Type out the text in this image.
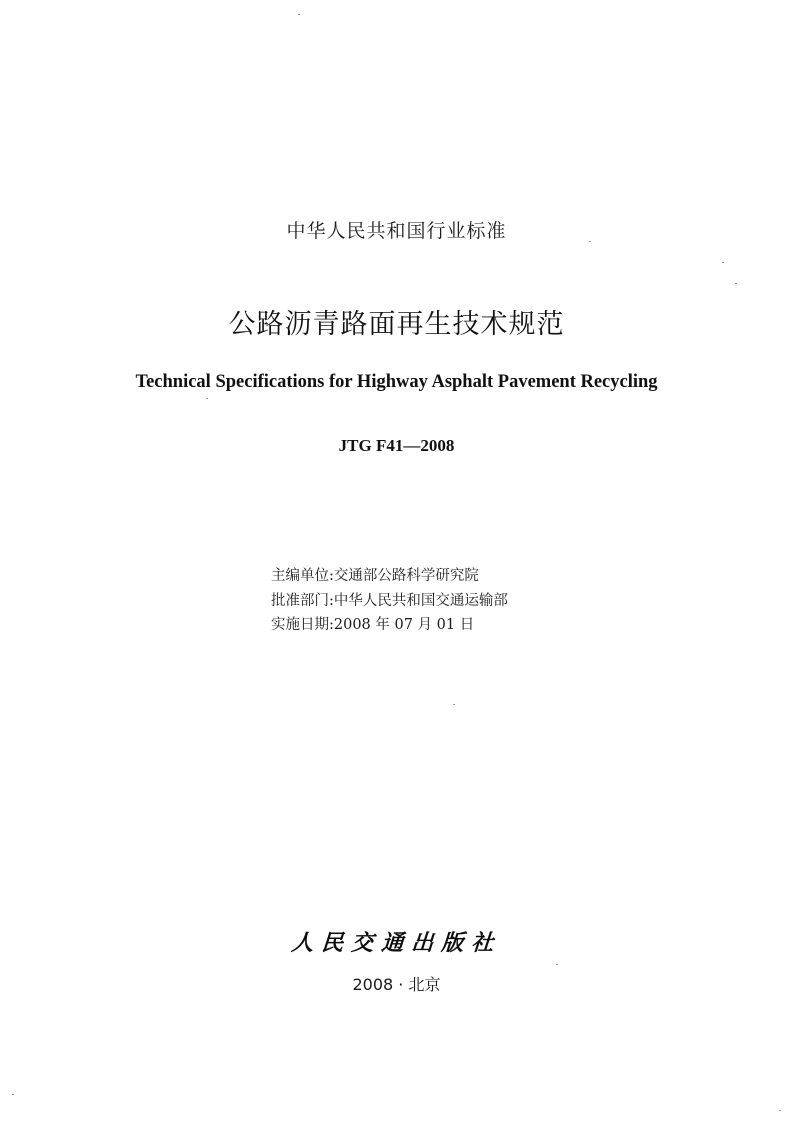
中华人民共和国行业标准
公路沥青路面再生技术规范
Technical Specifications for Highway Asphalt Pavement Recycling
JTG F41—2008
主编单位:交通部公路科学研究院
批准部门:中华人民共和国交通运输部
实施日期:2008 年 07 月 01 日
人民交通出版社
2008 · 北京
